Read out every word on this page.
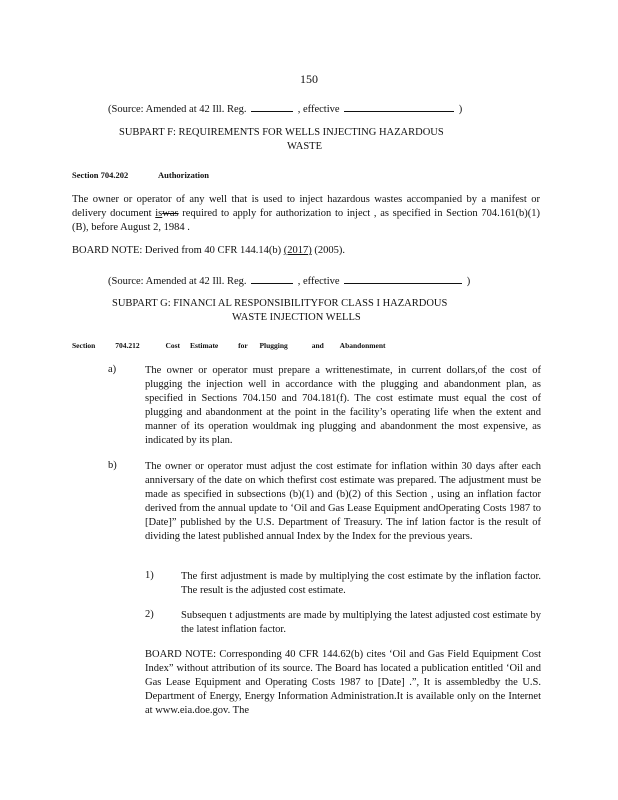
150
(Source: Amended at 42 Ill. Reg.	, effective	)
SUBPART F: REQUIREMENTS FOR WELLS INJECTING HAZARDOUS
WASTE
Section 704.202	Authorization
The owner or operator of any well that is used to inject hazardous wastes accompanied by a manifest or delivery document iswas required to apply for authorization to inject , as specified in Section 704.161(b)(1)(B), before August 2, 1984 .
BOARD NOTE: Derived from 40 CFR 144.14(b) (2017) (2005).
(Source: Amended at 42 Ill. Reg.	, effective	)
SUBPART G: FINANCI AL RESPONSIBILITYFOR CLASS I HAZARDOUS
WASTE INJECTION WELLS
Section	704.212	Cost Estimate	for Plugging	and Abandonment
a)	The owner or operator must prepare a writtenestimate, in current dollars,of the cost of plugging the injection well in accordance with the plugging and abandonment plan, as specified in Sections 704.150 and 704.181(f). The cost estimate must equal the cost of plugging and abandonment at the point in the facility’s operating life when the extent and manner of its operation wouldmak ing plugging and abandonment the most expensive, as indicated by its plan.
b)	The owner or operator must adjust the cost estimate for inflation within 30 days after each anniversary of the date on which thefirst cost estimate was prepared. The adjustment must be made as specified in subsections (b)(1) and (b)(2) of this Section , using an inflation factor derived from the annual update to ‘Oil and Gas Lease Equipment andOperating Costs 1987 to [Date]” published by the U.S. Department of Treasury. The inf lation factor is the result of dividing the latest published annual Index by the Index for the previous years.
1)	The first adjustment is made by multiplying the cost estimate by the inflation factor. The result is the adjusted cost estimate.
2)	Subsequen t adjustments are made by multiplying the latest adjusted cost estimate by the latest inflation factor.
BOARD NOTE: Corresponding 40 CFR 144.62(b) cites ‘Oil and Gas Field Equipment Cost Index” without attribution of its source. The Board has located a publication entitled ‘Oil and Gas Lease Equipment and Operating Costs 1987 to [Date] .”, It is assembledby the U.S. Department of Energy, Energy Information Administration.It is available only on the Internet at www.eia.doe.gov. The
